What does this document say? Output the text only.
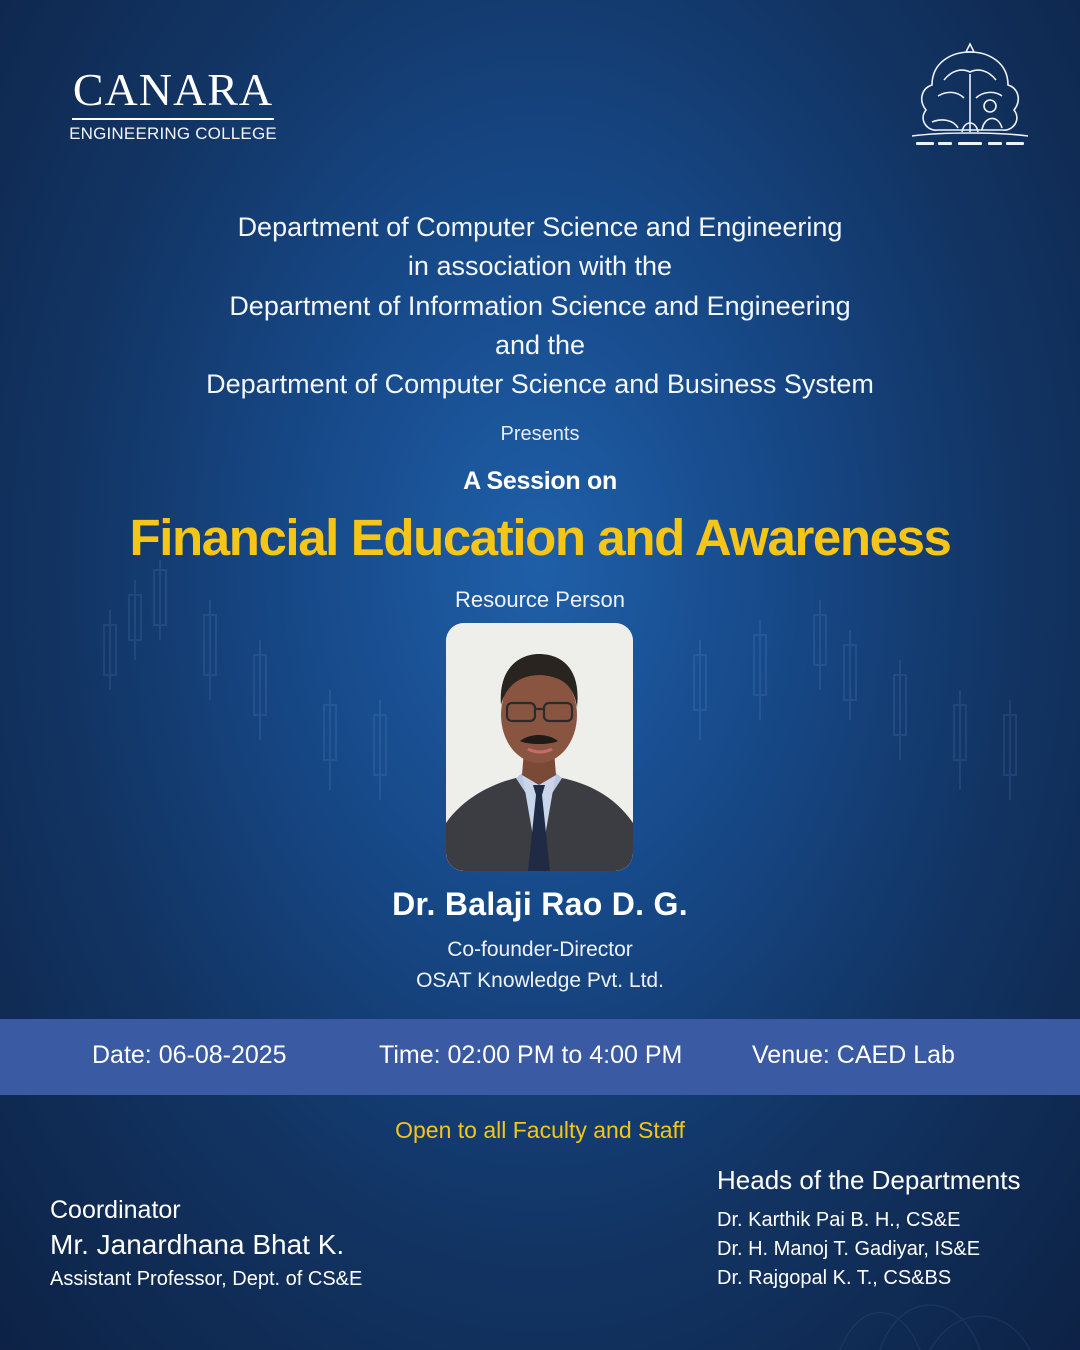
CANARA
ENGINEERING COLLEGE
Department of Computer Science and Engineering
in association with the
Department of Information Science and Engineering
and the
Department of Computer Science and Business System
Presents
A Session on
Financial Education and Awareness
Resource Person
Dr. Balaji Rao D. G.
Co-founder-Director
OSAT Knowledge Pvt. Ltd.
Date: 06-08-2025	Time: 02:00 PM to 4:00 PM	Venue: CAED Lab
Open to all Faculty and Staff
Coordinator
Mr. Janardhana Bhat K.
Assistant Professor, Dept. of CS&E
Heads of the Departments
Dr. Karthik Pai B. H., CS&E
Dr. H. Manoj T. Gadiyar, IS&E
Dr. Rajgopal K. T., CS&BS
